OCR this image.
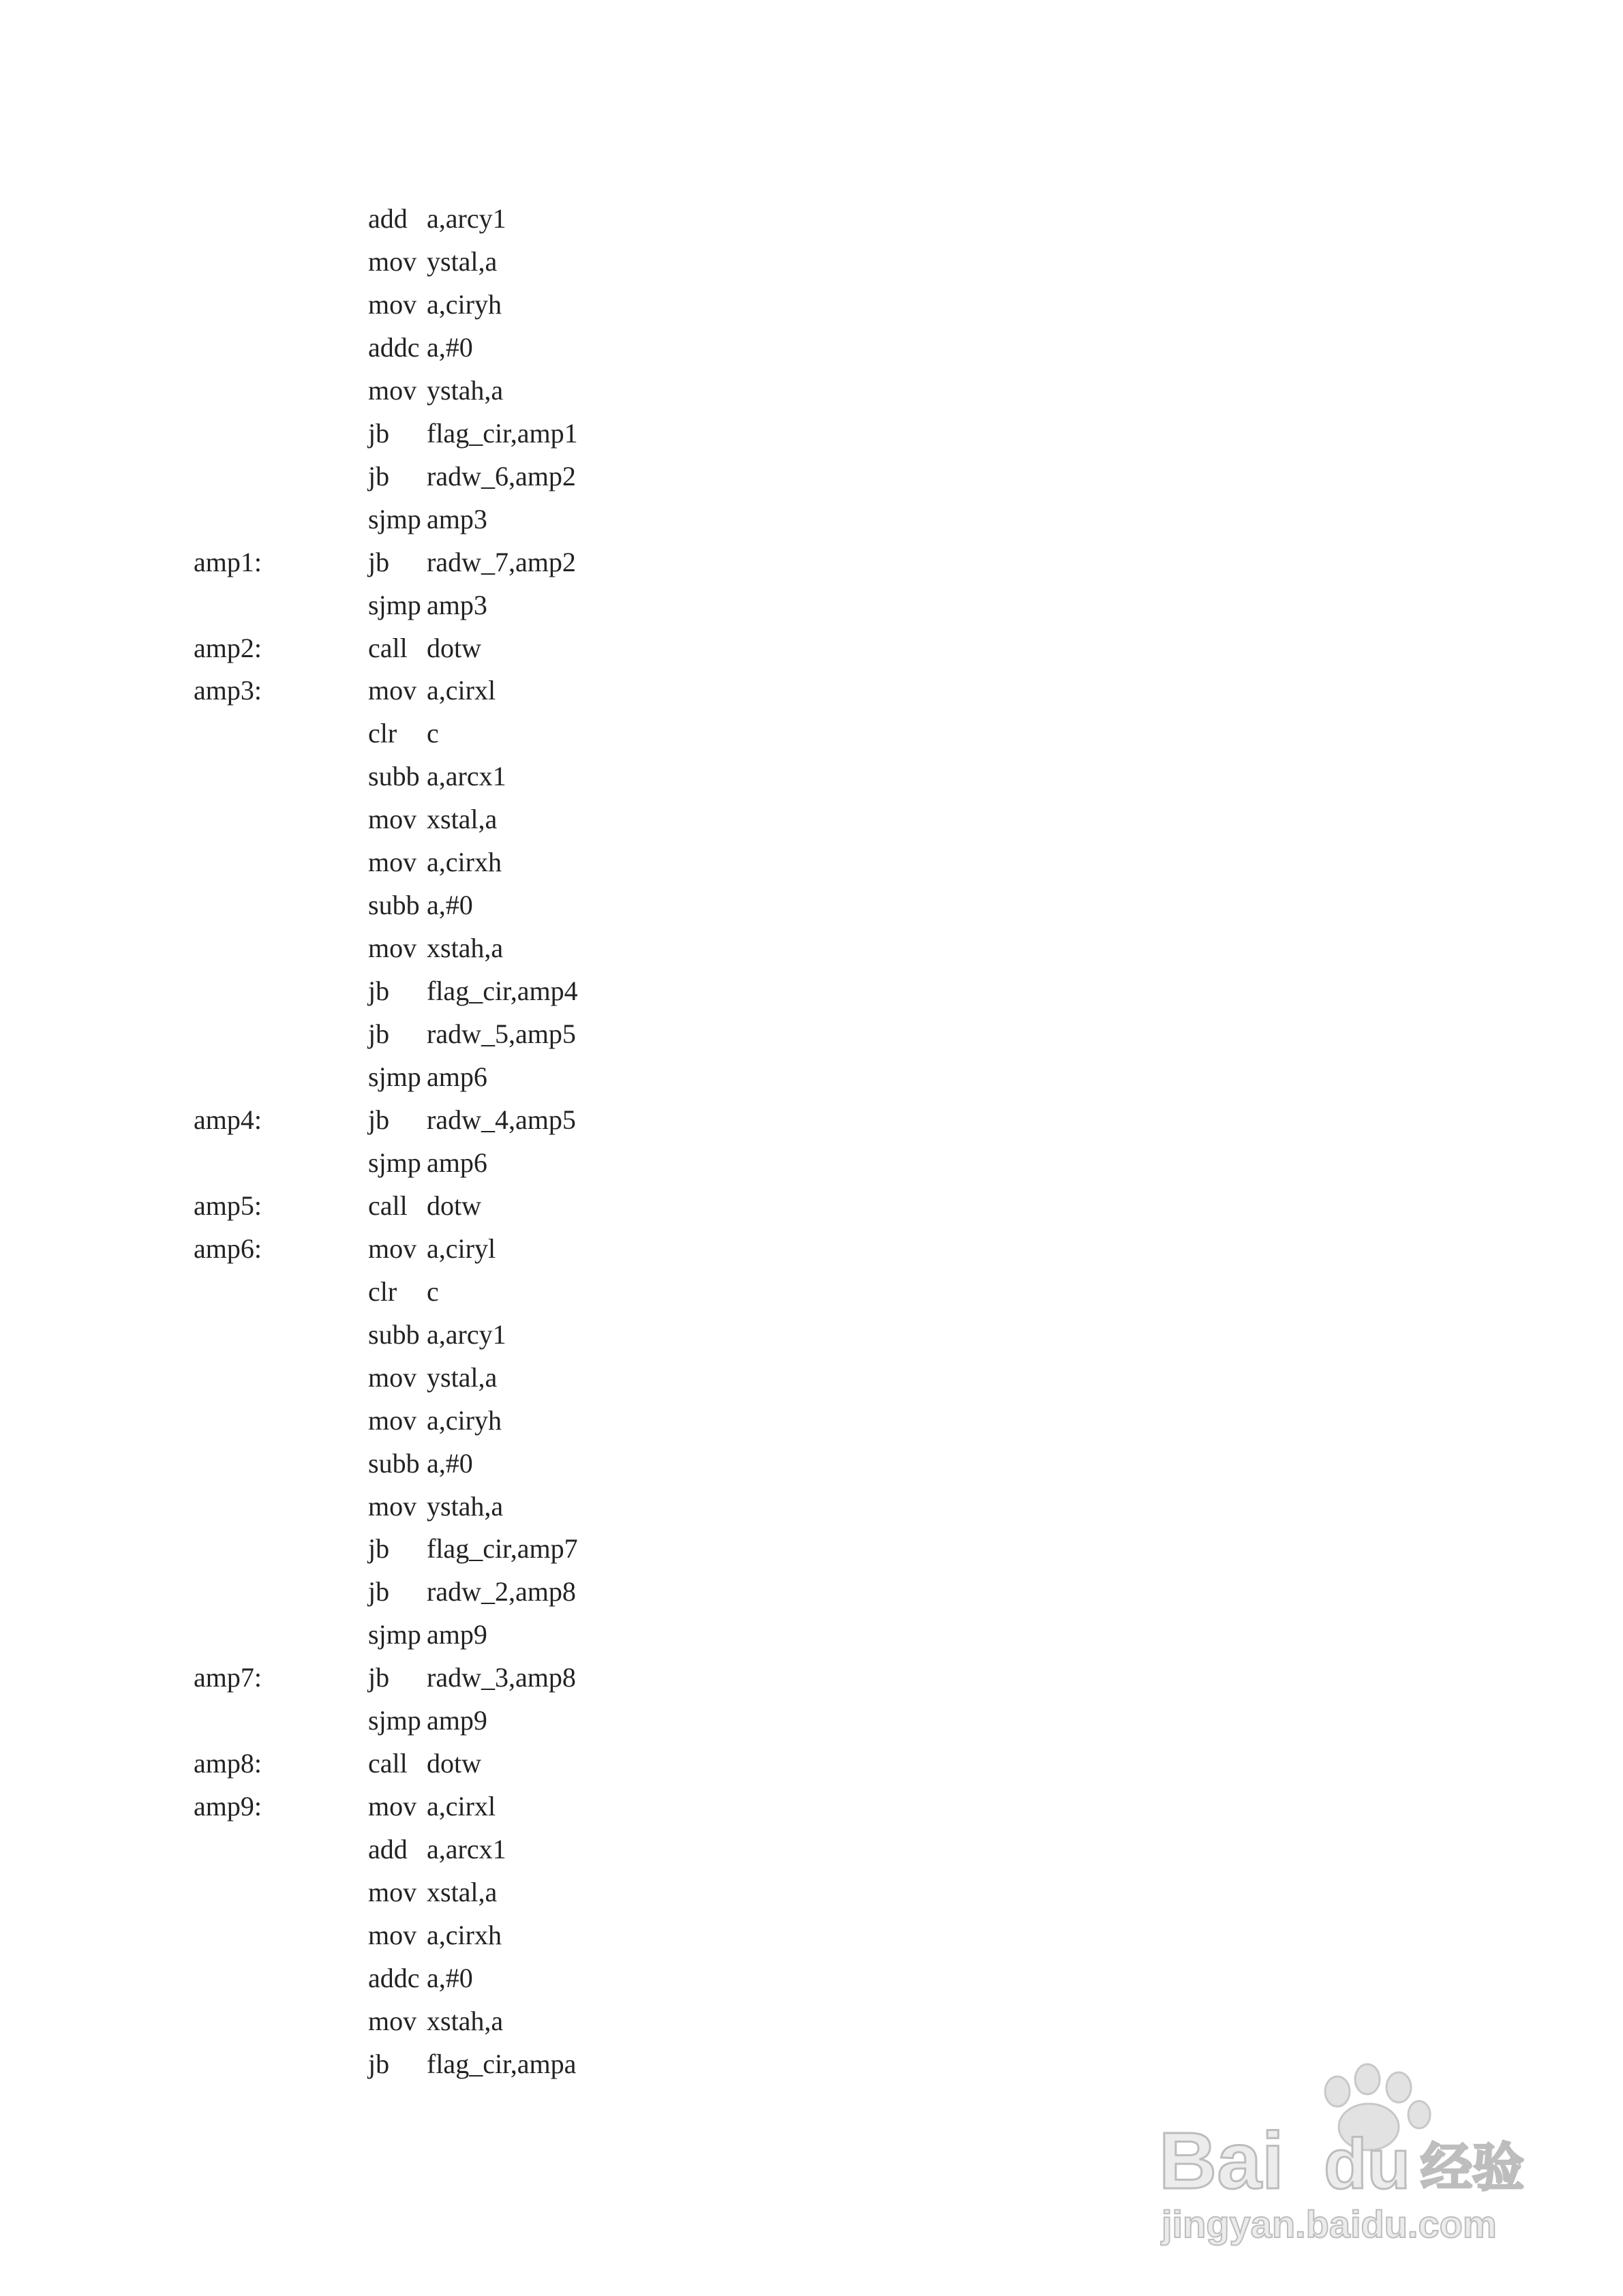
add a,arcy1
mov ystal,a
mov a,ciryh
addc a,#0
mov ystah,a
jb flag_cir,amp1
jb radw_6,amp2
sjmp amp3
amp1:	jb radw_7,amp2
sjmp amp3
amp2:	call dotw
amp3:	mov a,cirxl
clr c
subb a,arcx1
mov xstal,a
mov a,cirxh
subb a,#0
mov xstah,a
jb flag_cir,amp4
jb radw_5,amp5
sjmp amp6
amp4:	jb radw_4,amp5
sjmp amp6
amp5:	call dotw
amp6:	mov a,ciryl
clr c
subb a,arcy1
mov ystal,a
mov a,ciryh
subb a,#0
mov ystah,a
jb flag_cir,amp7
jb radw_2,amp8
sjmp amp9
amp7:	jb radw_3,amp8
sjmp amp9
amp8:	call dotw
amp9:	mov a,cirxl
add a,arcx1
mov xstal,a
mov a,cirxh
addc a,#0
mov xstah,a
jb flag_cir,ampa
Bai du 经验
jingyan.baidu.com
